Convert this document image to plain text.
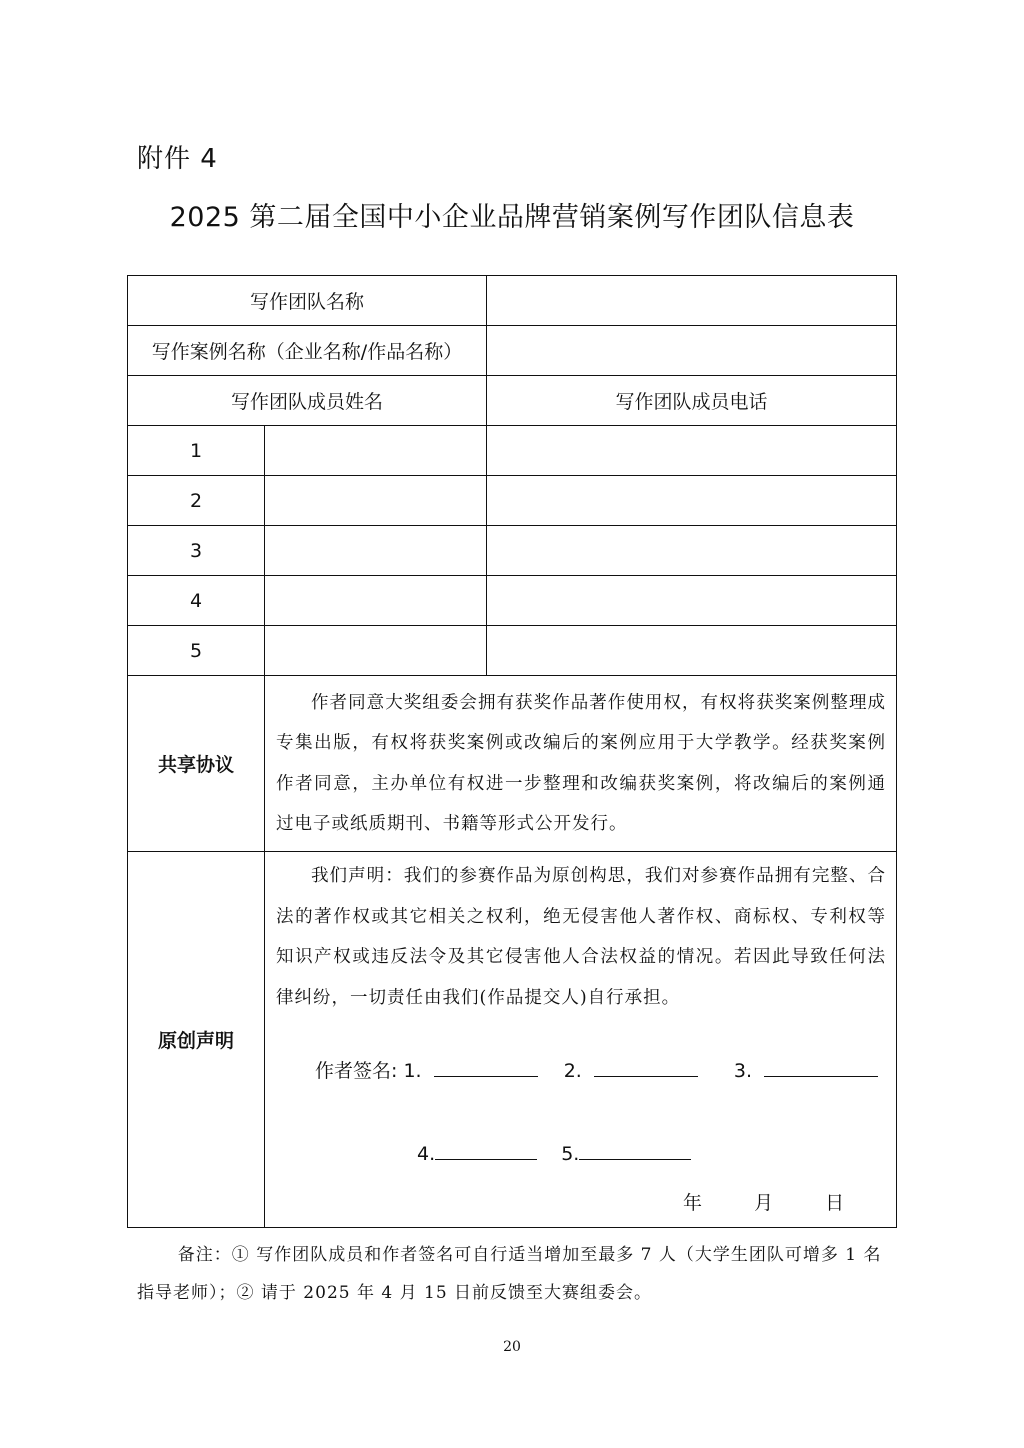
附件 4
2025 第二届全国中小企业品牌营销案例写作团队信息表
写作团队名称		
写作案例名称（企业名称/作品名称）		
写作团队成员姓名		写作团队成员电话
1		
2		
3		
4		
5		
共享协议	作者同意大奖组委会拥有获奖作品著作使用权，有权将获奖案例整理成专集出版，有权将获奖案例或改编后的案例应用于大学教学。经获奖案例作者同意，主办单位有权进一步整理和改编获奖案例，将改编后的案例通过电子或纸质期刊、书籍等形式公开发行。	

原创声明	我们声明：我们的参赛作品为原创构思，我们对参赛作品拥有完整、合法的著作权或其它相关之权利，绝无侵害他人著作权、商标权、专利权等知识产权或违反法令及其它侵害他人合法权益的情况。若因此导致任何法律纠纷，一切责任由我们(作品提交人)自行承担。
作者签名: 1. 2. 3.
4. 5.
年 月 日	
备注：① 写作团队成员和作者签名可自行适当增加至最多 7 人（大学生团队可增多 1 名指导老师）；② 请于 2025 年 4 月 15 日前反馈至大赛组委会。
20
